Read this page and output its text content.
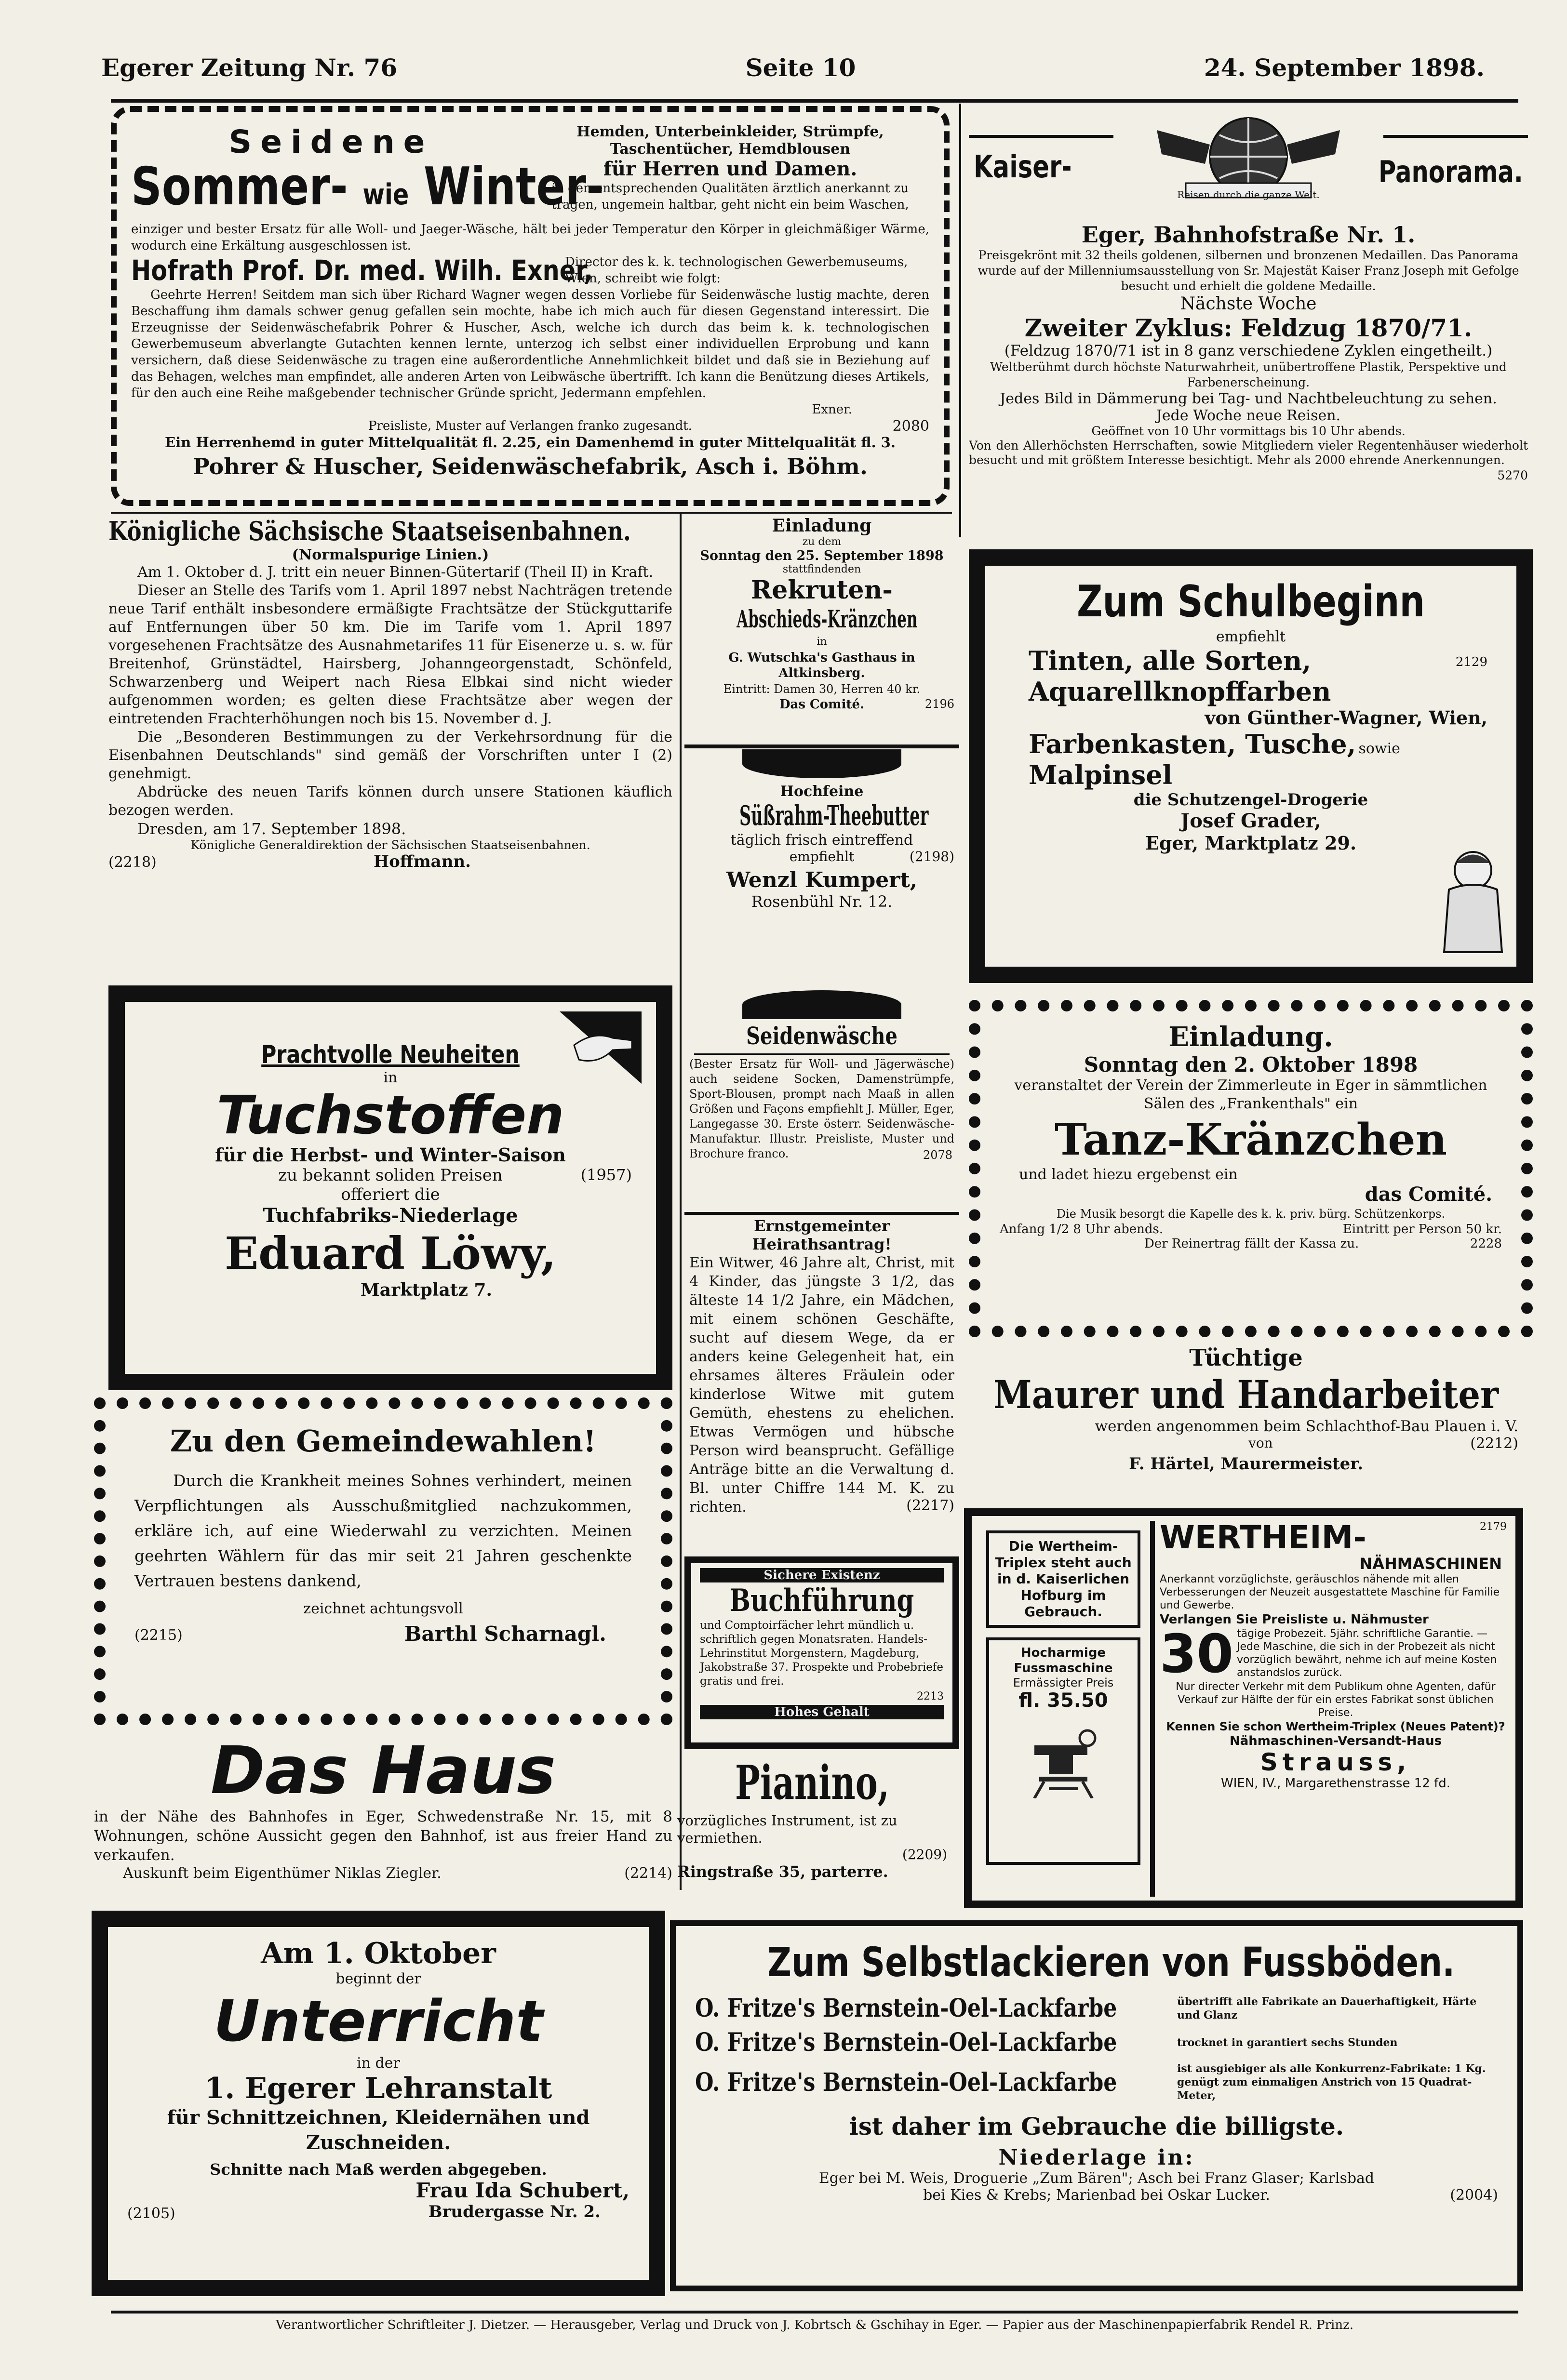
Egerer Zeitung Nr. 76	Seite 10	24. September 1898.
Seidene
Sommer- wie Winter-

Hemden, Unterbeinkleider, Strümpfe, Taschentücher, Hemdblousen

für Herren und Damen.

in den entsprechenden Qualitäten ärztlich anerkannt zu tragen, ungemein haltbar, geht nicht ein beim Waschen,

einziger und bester Ersatz für alle Woll- und Jaeger-Wäsche, hält bei jeder Temperatur den Körper in gleichmäßiger Wärme, wodurch eine Erkältung ausgeschlossen ist.

Hofrath Prof. Dr. med. Wilh. Exner,

Director des k. k. technologischen Gewerbemuseums, Wien, schreibt wie folgt:

Geehrte Herren! Seitdem man sich über Richard Wagner wegen dessen Vorliebe für Seidenwäsche lustig machte, deren Beschaffung ihm damals schwer genug gefallen sein mochte, habe ich mich auch für diesen Gegenstand interessirt. Die Erzeugnisse der Seidenwäschefabrik Pohrer & Huscher, Asch, welche ich durch das beim k. k. technologischen Gewerbemuseum abverlangte Gutachten kennen lernte, unterzog ich selbst einer individuellen Erprobung und kann versichern, daß diese Seidenwäsche zu tragen eine außerordentliche Annehmlichkeit bildet und daß sie in Beziehung auf das Behagen, welches man empfindet, alle anderen Arten von Leibwäsche übertrifft. Ich kann die Benützung dieses Artikels, für den auch eine Reihe maßgebender technischer Gründe spricht, Jedermann empfehlen.

Exner.

Preisliste, Muster auf Verlangen franko zugesandt.	2080

Ein Herrenhemd in guter Mittelqualität fl. 2.25, ein Damenhemd in guter Mittelqualität fl. 3.

Pohrer & Huscher, Seidenwäschefabrik, Asch i. Böhm.

Kaiser-	Panorama.
Reisen durch die ganze Welt.

Eger, Bahnhofstraße Nr. 1.

Preisgekrönt mit 32 theils goldenen, silbernen und bronzenen Medaillen. Das Panorama wurde auf der Millenniumsausstellung von Sr. Majestät Kaiser Franz Joseph mit Gefolge besucht und erhielt die goldene Medaille.

Nächste Woche

Zweiter Zyklus: Feldzug 1870/71.

(Feldzug 1870/71 ist in 8 ganz verschiedene Zyklen eingetheilt.)

Weltberühmt durch höchste Naturwahrheit, unübertroffene Plastik, Perspektive und Farbenerscheinung.

Jedes Bild in Dämmerung bei Tag- und Nachtbeleuchtung zu sehen.

Jede Woche neue Reisen.

Geöffnet von 10 Uhr vormittags bis 10 Uhr abends.

Von den Allerhöchsten Herrschaften, sowie Mitgliedern vieler Regentenhäuser wiederholt besucht und mit größtem Interesse besichtigt. Mehr als 2000 ehrende Anerkennungen.

5270

Königliche Sächsische Staatseisenbahnen.

(Normalspurige Linien.)

Am 1. Oktober d. J. tritt ein neuer Binnen-Gütertarif (Theil II) in Kraft.

Dieser an Stelle des Tarifs vom 1. April 1897 nebst Nachträgen tretende neue Tarif enthält insbesondere ermäßigte Frachtsätze der Stückguttarife auf Entfernungen über 50 km. Die im Tarife vom 1. April 1897 vorgesehenen Frachtsätze des Ausnahmetarifes 11 für Eisenerze u. s. w. für Breitenhof, Grünstädtel, Hairsberg, Johanngeorgenstadt, Schönfeld, Schwarzenberg und Weipert nach Riesa Elbkai sind nicht wieder aufgenommen worden; es gelten diese Frachtsätze aber wegen der eintretenden Frachterhöhungen noch bis 15. November d. J.

Die „Besonderen Bestimmungen zu der Verkehrsordnung für die Eisenbahnen Deutschlands" sind gemäß der Vorschriften unter I (2) genehmigt.

Abdrücke des neuen Tarifs können durch unsere Stationen käuflich bezogen werden.

Dresden, am 17. September 1898.

Königliche Generaldirektion der Sächsischen Staatseisenbahnen.

(2218)	Hoffmann.

Einladung

zu dem

Sonntag den 25. September 1898

stattfindenden

Rekruten-

Abschieds-Kränzchen

in

G. Wutschka's Gasthaus in Altkinsberg.

Eintritt: Damen 30, Herren 40 kr.

Das Comité.	2196

Hochfeine

Süßrahm-Theebutter

täglich frisch eintreffend

empfiehlt	(2198)

Wenzl Kumpert,

Rosenbühl Nr. 12.

Zum Schulbeginn

empfiehlt

Tinten, alle Sorten,	2129

Aquarellknopffarben

von Günther-Wagner, Wien,

Farbenkasten, Tusche, sowie

Malpinsel

die Schutzengel-Drogerie

Josef Grader,

Eger, Marktplatz 29.

Prachtvolle Neuheiten

in

Tuchstoffen

für die Herbst- und Winter-Saison

zu bekannt soliden Preisen	(1957)

offeriert die

Tuchfabriks-Niederlage

Eduard Löwy,

Marktplatz 7.

Seidenwäsche

(Bester Ersatz für Woll- und Jägerwäsche) auch seidene Socken, Damenstrümpfe, Sport-Blousen, prompt nach Maaß in allen Größen und Façons empfiehlt J. Müller, Eger, Langegasse 30. Erste österr. Seidenwäsche-Manufaktur. Illustr. Preisliste, Muster und Brochure franco.	2078

Ernstgemeinter Heirathsantrag!

Ein Witwer, 46 Jahre alt, Christ, mit 4 Kinder, das jüngste 3 1/2, das älteste 14 1/2 Jahre, ein Mädchen, mit einem schönen Geschäfte, sucht auf diesem Wege, da er anders keine Gelegenheit hat, ein ehrsames älteres Fräulein oder kinderlose Witwe mit gutem Gemüth, ehestens zu ehelichen. Etwas Vermögen und hübsche Person wird beansprucht. Gefällige Anträge bitte an die Verwaltung d. Bl. unter Chiffre 144 M. K. zu richten.	(2217)

Einladung.

Sonntag den 2. Oktober 1898

veranstaltet der Verein der Zimmerleute in Eger in sämmtlichen Sälen des „Frankenthals" ein

Tanz-Kränzchen

und ladet hiezu ergebenst ein

das Comité.

Die Musik besorgt die Kapelle des k. k. priv. bürg. Schützenkorps.

Anfang 1/2 8 Uhr abends.	Eintritt per Person 50 kr.
Der Reinertrag fällt der Kassa zu.	2228

Tüchtige

Maurer und Handarbeiter

werden angenommen beim Schlachthof-Bau Plauen i. V.

von	(2212)

F. Härtel, Maurermeister.

Zu den Gemeindewahlen!

Durch die Krankheit meines Sohnes verhindert, meinen Verpflichtungen als Ausschußmitglied nachzukommen, erkläre ich, auf eine Wiederwahl zu verzichten. Meinen geehrten Wählern für das mir seit 21 Jahren geschenkte Vertrauen bestens dankend,

zeichnet achtungsvoll

(2215)	Barthl Scharnagl.

Sichere Existenz

Buchführung

und Comptoirfächer lehrt mündlich u. schriftlich gegen Monatsraten. Handels-Lehrinstitut Morgenstern, Magdeburg, Jakobstraße 37. Prospekte und Probebriefe gratis und frei.

2213

Hohes Gehalt

Die Wertheim-Triplex steht auch in d. Kaiserlichen Hofburg im Gebrauch.

Hocharmige Fussmaschine

Ermässigter Preis

fl. 35.50

WERTHEIM-	2179

NÄHMASCHINEN

Anerkannt vorzüglichste, geräuschlos nähende mit allen Verbesserungen der Neuzeit ausgestattete Maschine für Familie und Gewerbe.

Verlangen Sie Preisliste u. Nähmuster

30 tägige Probezeit. 5jähr. schriftliche Garantie. — Jede Maschine, die sich in der Probezeit als nicht vorzüglich bewährt, nehme ich auf meine Kosten anstandslos zurück.

Nur directer Verkehr mit dem Publikum ohne Agenten, dafür Verkauf zur Hälfte der für ein erstes Fabrikat sonst üblichen Preise.

Kennen Sie schon Wertheim-Triplex (Neues Patent)?

Nähmaschinen-Versandt-Haus

Strauss,

WIEN, IV., Margarethenstrasse 12 fd.

Das Haus

in der Nähe des Bahnhofes in Eger, Schwedenstraße Nr. 15, mit 8 Wohnungen, schöne Aussicht gegen den Bahnhof, ist aus freier Hand zu verkaufen.

Auskunft beim Eigenthümer Niklas Ziegler.	(2214)

Pianino,

vorzügliches Instrument, ist zu vermiethen.

(2209)

Ringstraße 35, parterre.

Am 1. Oktober

beginnt der

Unterricht

in der

1. Egerer Lehranstalt

für Schnittzeichnen, Kleidernähen und Zuschneiden.

Schnitte nach Maß werden abgegeben.

Frau Ida Schubert,

(2105)	Brudergasse Nr. 2.

Zum Selbstlackieren von Fussböden.

O. Fritze's Bernstein-Oel-Lackfarbe	übertrifft alle Fabrikate an Dauerhaftigkeit, Härte und Glanz
O. Fritze's Bernstein-Oel-Lackfarbe	trocknet in garantiert sechs Stunden
O. Fritze's Bernstein-Oel-Lackfarbe	ist ausgiebiger als alle Konkurrenz-Fabrikate: 1 Kg. genügt zum einmaligen Anstrich von 15 Quadrat-Meter,

ist daher im Gebrauche die billigste.

Niederlage in:

Eger bei M. Weis, Droguerie „Zum Bären"; Asch bei Franz Glaser; Karlsbad

bei Kies & Krebs; Marienbad bei Oskar Lucker.	(2004)

Verantwortlicher Schriftleiter J. Dietzer. — Herausgeber, Verlag und Druck von J. Kobrtsch & Gschihay in Eger. — Papier aus der Maschinenpapierfabrik Rendel R. Prinz.
